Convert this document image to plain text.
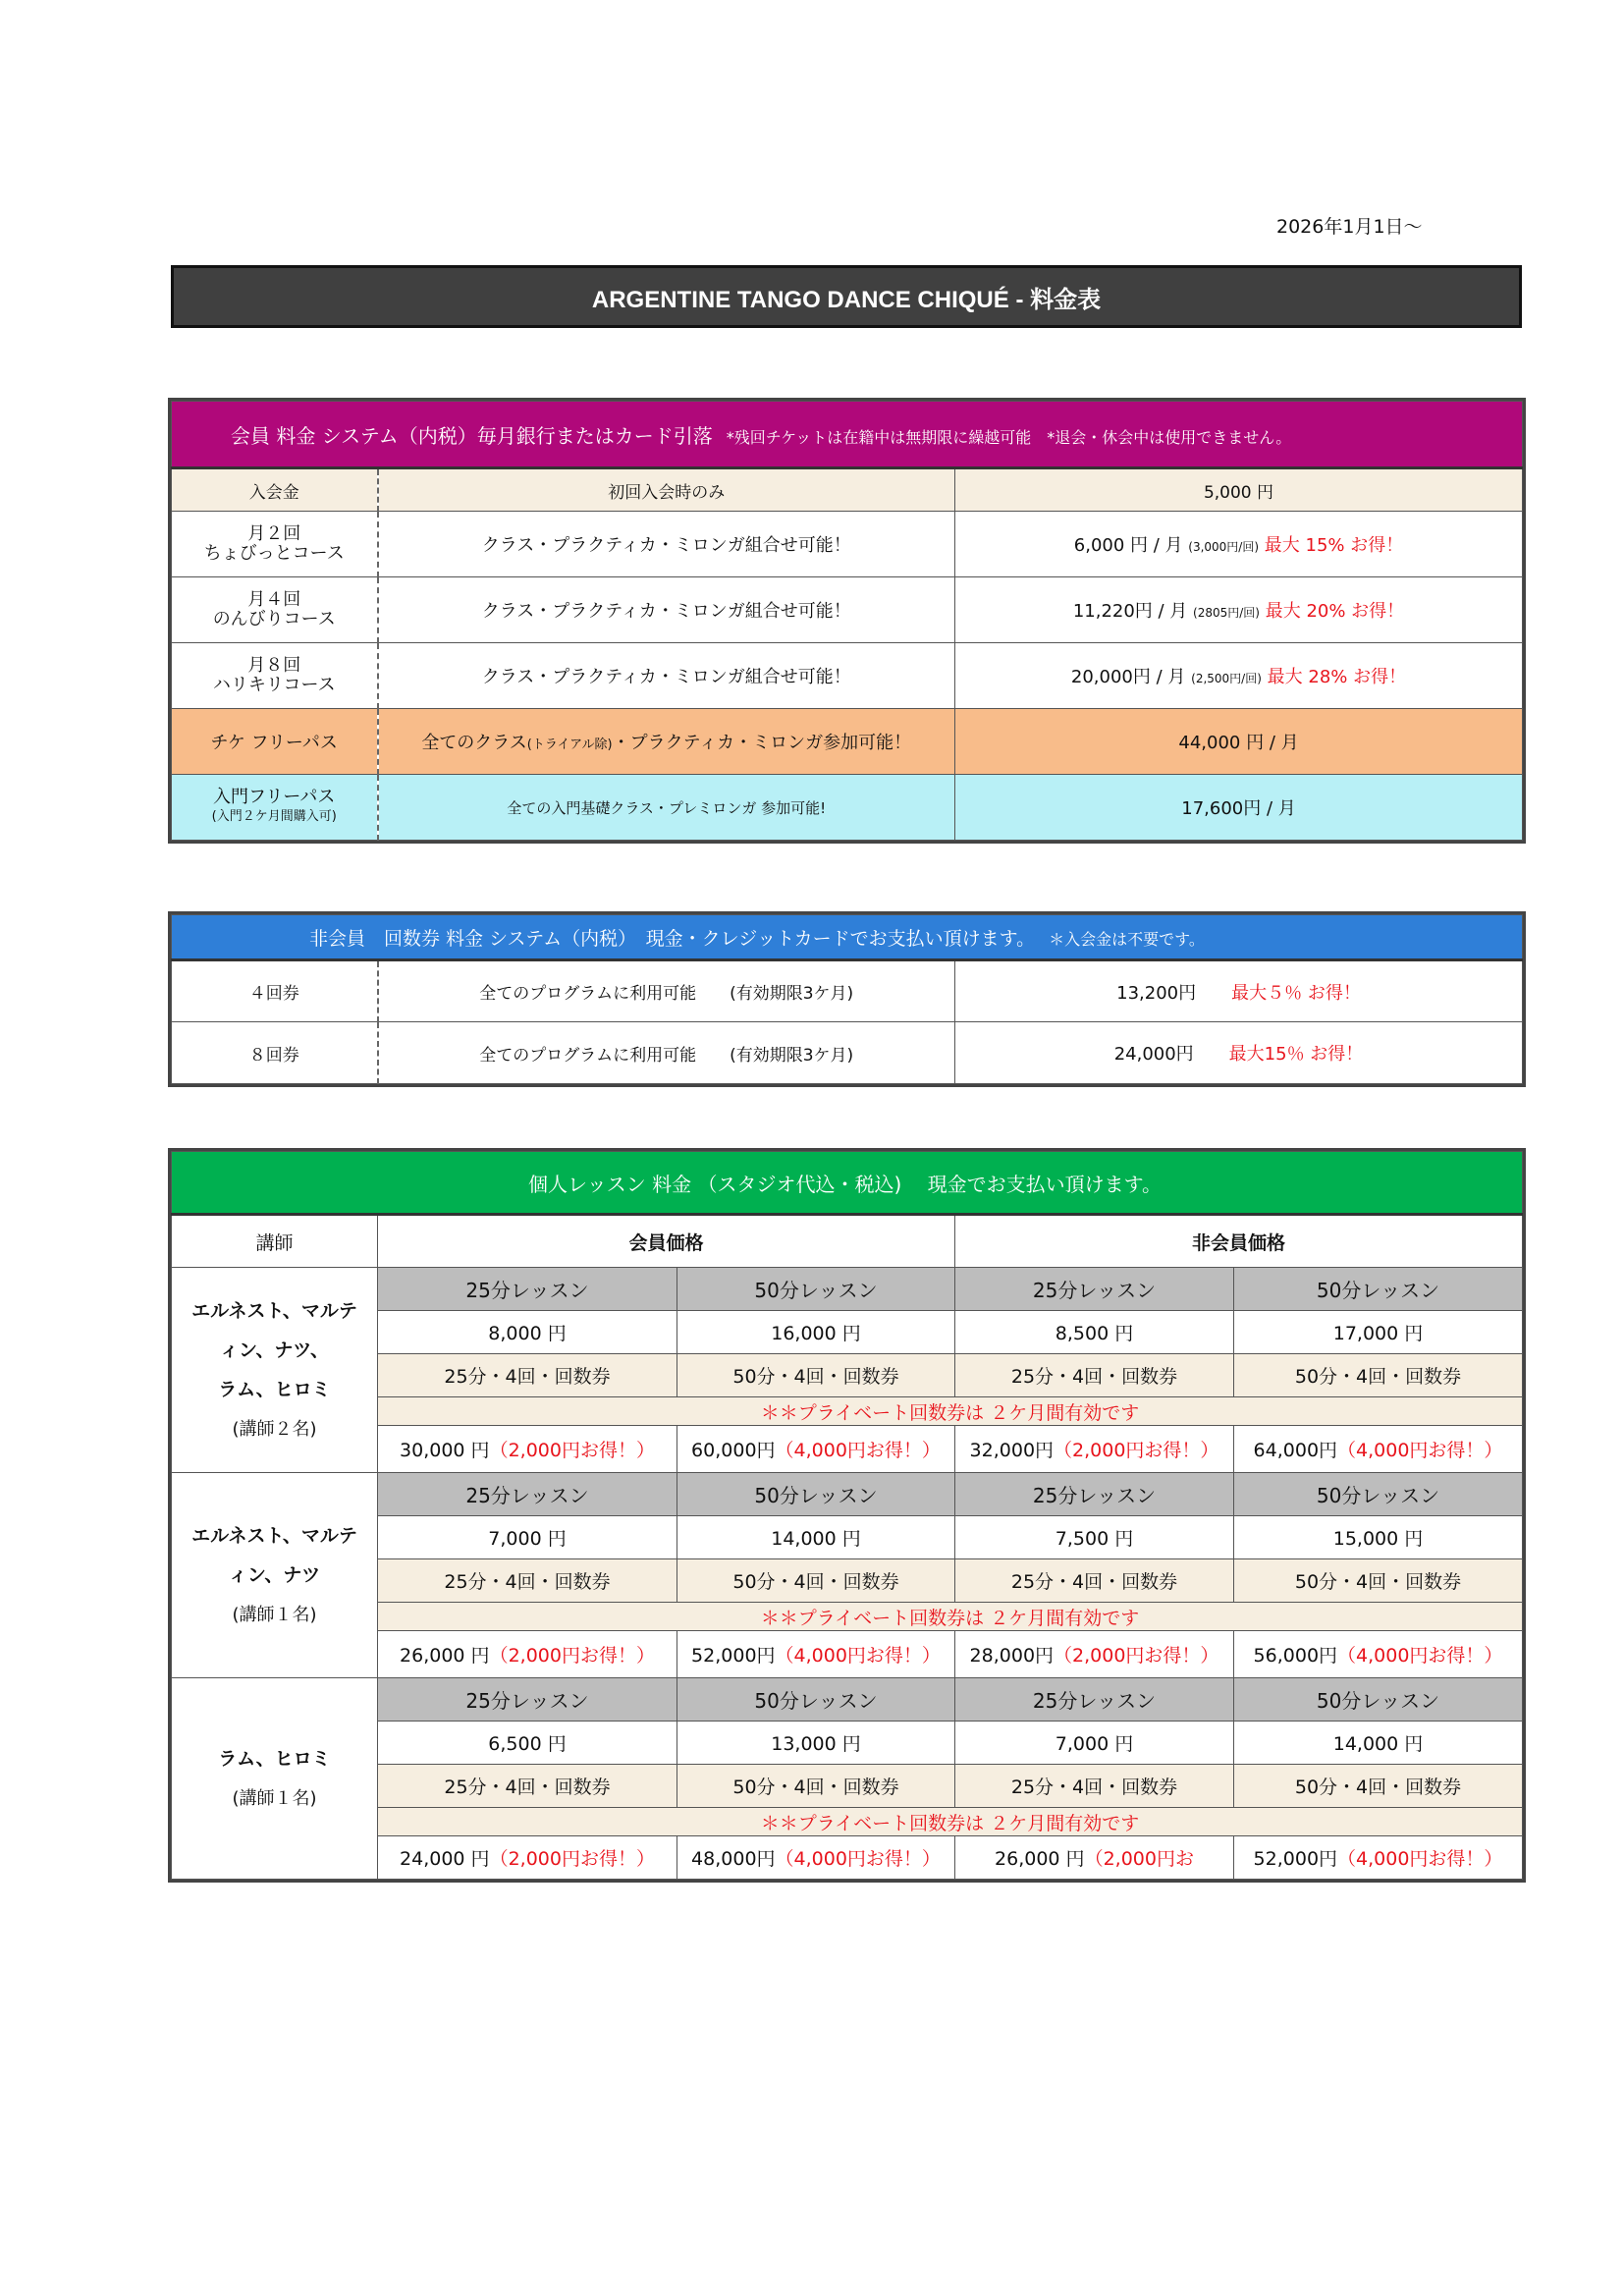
2026年1月1日～
ARGENTINE TANGO DANCE CHIQUÉ - 料金表
会員 料金 システム（内税）毎月銀行またはカード引落 *残回チケットは在籍中は無期限に繰越可能　*退会・休会中は使用できません。		
入会金	初回入会時のみ	5,000 円
月２回
ちょびっとコース	クラス・プラクティカ・ミロンガ組合せ可能！	6,000 円 / 月 (3,000円/回) 最大 15% お得！
月４回
のんびりコース	クラス・プラクティカ・ミロンガ組合せ可能！	11,220円 / 月 (2805円/回) 最大 20% お得！
月８回
ハリキリコース	クラス・プラクティカ・ミロンガ組合せ可能！	20,000円 / 月 (2,500円/回) 最大 28% お得！
チケ フリーパス	全てのクラス(トライアル除)・プラクティカ・ミロンガ参加可能！	44,000 円 / 月
入門フリーパス
(入門２ケ月間購入可)	全ての入門基礎クラス・プレミロンガ 参加可能!	17,600円 / 月
非会員　回数券 料金 システム（内税）　現金・クレジットカードでお支払い頂けます。 ＊入会金は不要です。		
４回券	全てのプログラムに利用可能　　(有効期限3ケ月)	13,200円　　 最大５％ お得！
８回券	全てのプログラムに利用可能　　(有効期限3ケ月)	24,000円　　 最大15％ お得！
個人レッスン 料金 （スタジオ代込・税込)　 現金でお支払い頂けます。				
講師	会員価格		非会員価格	
エルネスト、マルテ
ィン、ナツ、
ラム、ヒロミ
(講師２名)	25分レッスン	50分レッスン	25分レッスン	50分レッスン
	8,000 円	16,000 円	8,500 円	17,000 円
	25分・4回・回数券	50分・4回・回数券	25分・4回・回数券	50分・4回・回数券
	＊＊プライベート回数券は ２ケ月間有効です			
	30,000 円（2,000円お得！）	60,000円（4,000円お得！）	32,000円（2,000円お得！）	64,000円（4,000円お得！）
エルネスト、マルテ
ィン、ナツ
(講師１名)	25分レッスン	50分レッスン	25分レッスン	50分レッスン
	7,000 円	14,000 円	7,500 円	15,000 円
	25分・4回・回数券	50分・4回・回数券	25分・4回・回数券	50分・4回・回数券
	＊＊プライベート回数券は ２ケ月間有効です			
	26,000 円（2,000円お得！）	52,000円（4,000円お得！）	28,000円（2,000円お得！）	56,000円（4,000円お得！）
ラム、ヒロミ
(講師１名)	25分レッスン	50分レッスン	25分レッスン	50分レッスン
	6,500 円	13,000 円	7,000 円	14,000 円
	25分・4回・回数券	50分・4回・回数券	25分・4回・回数券	50分・4回・回数券
	＊＊プライベート回数券は ２ケ月間有効です			
	24,000 円（2,000円お得！）	48,000円（4,000円お得！）	26,000 円（2,000円お	52,000円（4,000円お得！）
